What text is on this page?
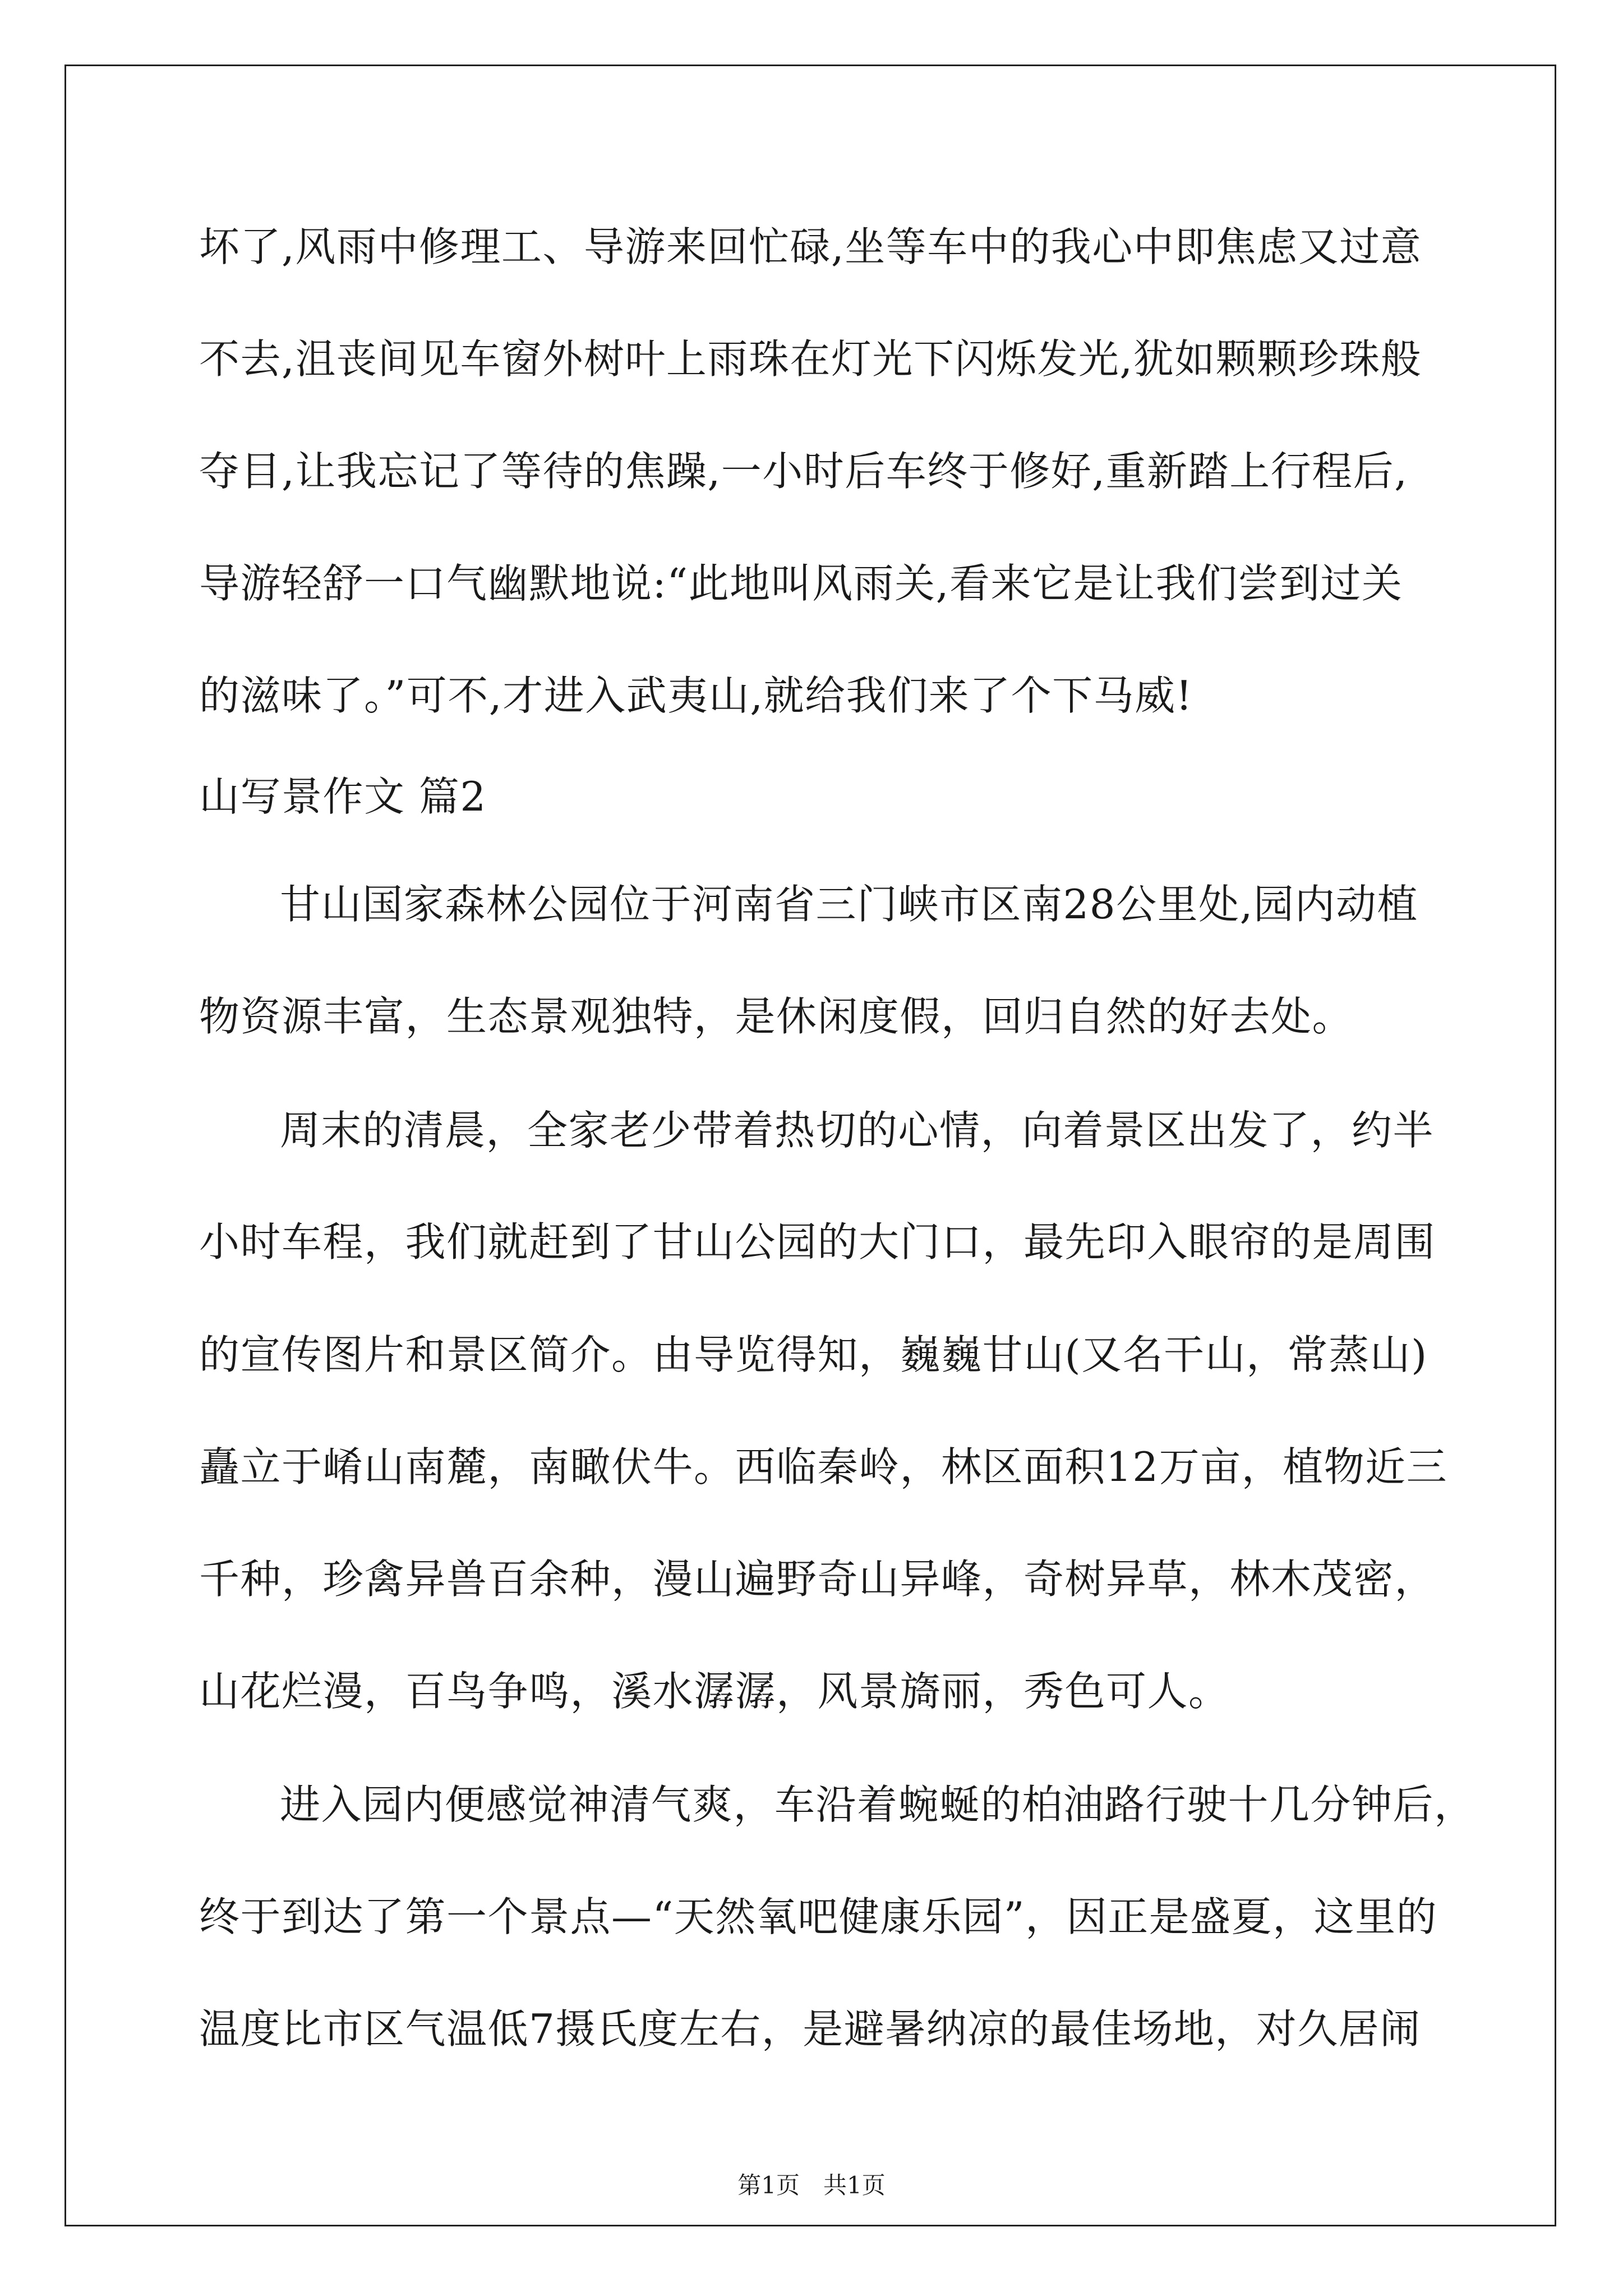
坏了,风雨中修理工、导游来回忙碌,坐等车中的我心中即焦虑又过意
不去,沮丧间见车窗外树叶上雨珠在灯光下闪烁发光,犹如颗颗珍珠般
夺目,让我忘记了等待的焦躁,一小时后车终于修好,重新踏上行程后,
导游轻舒一口气幽默地说:“此地叫风雨关,看来它是让我们尝到过关
的滋味了。”可不,才进入武夷山,就给我们来了个下马威!
山写景作文 篇2
甘山国家森林公园位于河南省三门峡市区南28公里处,园内动植
物资源丰富，生态景观独特，是休闲度假，回归自然的好去处。
周末的清晨，全家老少带着热切的心情，向着景区出发了，约半
小时车程，我们就赶到了甘山公园的大门口，最先印入眼帘的是周围
的宣传图片和景区简介。由导览得知，巍巍甘山(又名干山，常蒸山)
矗立于崤山南麓，南瞰伏牛。西临秦岭，林区面积12万亩，植物近三
千种，珍禽异兽百余种，漫山遍野奇山异峰，奇树异草，林木茂密，
山花烂漫，百鸟争鸣，溪水潺潺，风景旖丽，秀色可人。
进入园内便感觉神清气爽，车沿着蜿蜒的柏油路行驶十几分钟后，
终于到达了第一个景点—“天然氧吧健康乐园”，因正是盛夏，这里的
温度比市区气温低7摄氏度左右，是避暑纳凉的最佳场地，对久居闹
第1页　共1页
